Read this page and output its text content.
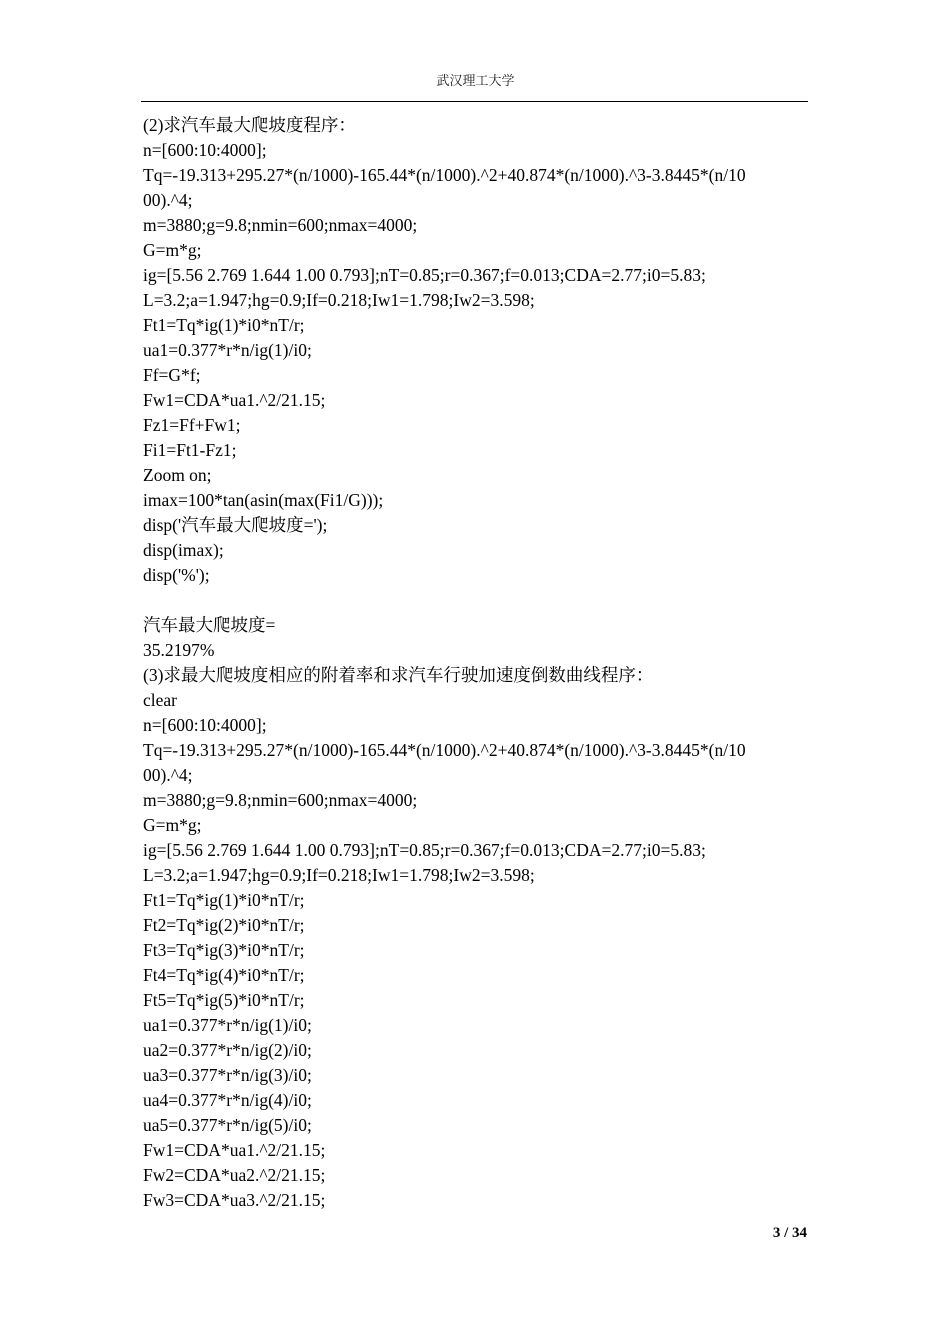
武汉理工大学
(2)求汽车最大爬坡度程序：
n=[600:10:4000];
Tq=-19.313+295.27*(n/1000)-165.44*(n/1000).^2+40.874*(n/1000).^3-3.8445*(n/10
00).^4;
m=3880;g=9.8;nmin=600;nmax=4000;
G=m*g;
ig=[5.56 2.769 1.644 1.00 0.793];nT=0.85;r=0.367;f=0.013;CDA=2.77;i0=5.83;
L=3.2;a=1.947;hg=0.9;If=0.218;Iw1=1.798;Iw2=3.598;
Ft1=Tq*ig(1)*i0*nT/r;
ua1=0.377*r*n/ig(1)/i0;
Ff=G*f;
Fw1=CDA*ua1.^2/21.15;
Fz1=Ff+Fw1;
Fi1=Ft1-Fz1;
Zoom on;
imax=100*tan(asin(max(Fi1/G)));
disp('汽车最大爬坡度=');
disp(imax);
disp('%');
汽车最大爬坡度=
35.2197%
(3)求最大爬坡度相应的附着率和求汽车行驶加速度倒数曲线程序：
clear
n=[600:10:4000];
Tq=-19.313+295.27*(n/1000)-165.44*(n/1000).^2+40.874*(n/1000).^3-3.8445*(n/10
00).^4;
m=3880;g=9.8;nmin=600;nmax=4000;
G=m*g;
ig=[5.56 2.769 1.644 1.00 0.793];nT=0.85;r=0.367;f=0.013;CDA=2.77;i0=5.83;
L=3.2;a=1.947;hg=0.9;If=0.218;Iw1=1.798;Iw2=3.598;
Ft1=Tq*ig(1)*i0*nT/r;
Ft2=Tq*ig(2)*i0*nT/r;
Ft3=Tq*ig(3)*i0*nT/r;
Ft4=Tq*ig(4)*i0*nT/r;
Ft5=Tq*ig(5)*i0*nT/r;
ua1=0.377*r*n/ig(1)/i0;
ua2=0.377*r*n/ig(2)/i0;
ua3=0.377*r*n/ig(3)/i0;
ua4=0.377*r*n/ig(4)/i0;
ua5=0.377*r*n/ig(5)/i0;
Fw1=CDA*ua1.^2/21.15;
Fw2=CDA*ua2.^2/21.15;
Fw3=CDA*ua3.^2/21.15;
3 / 34
